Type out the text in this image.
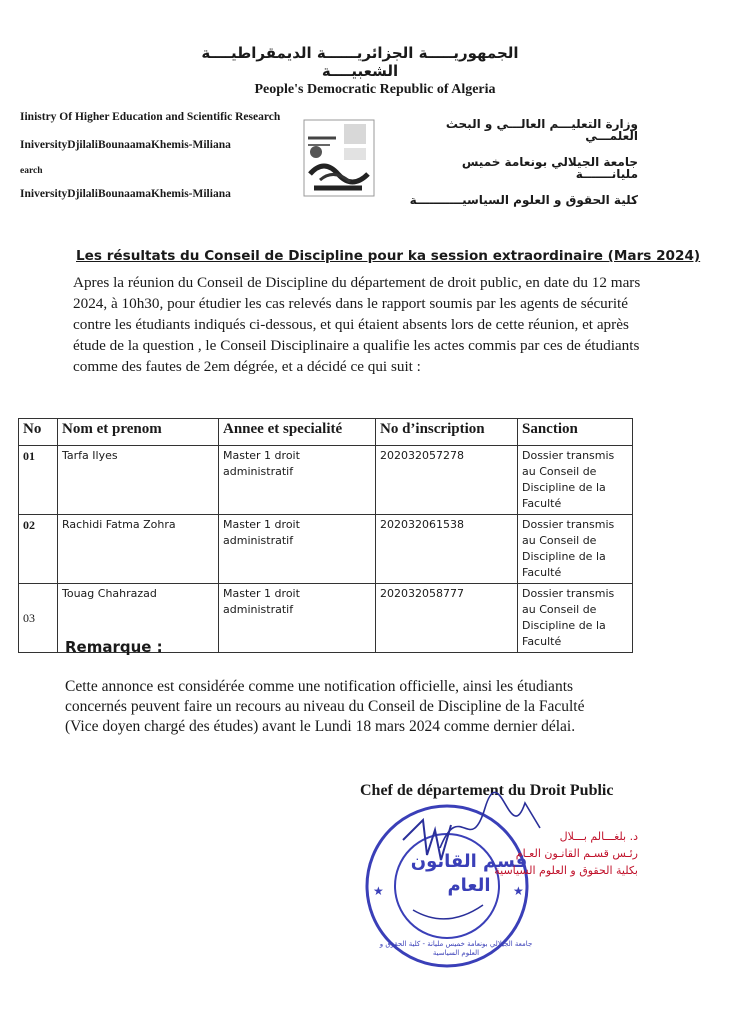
الجمهوريـــــة الجزائريــــــة الديمقراطيــــة الشعبيــــة
People's Democratic Republic of Algeria
Iinistry Of Higher Education and Scientific Research
IniversityDjilaliBounaamaKhemis-Miliana
earch
IniversityDjilaliBounaamaKhemis-Miliana
وزارة التعليـــم العالـــي و البحث العلمـــي
جامعة الجيلالي بونعامة خميس مليانـــــــة
كلية الحقوق و العلوم السياسيـــــــــــة
Les résultats du Conseil de Discipline pour ka session extraordinaire (Mars 2024)
Apres la réunion du Conseil de Discipline du département de droit public, en date du 12 mars 2024, à 10h30, pour étudier les cas relevés dans le rapport soumis par les agents de sécurité contre les étudiants indiqués ci-dessous, et qui étaient absents lors de cette réunion, et après étude de la question , le Conseil Disciplinaire a qualifie les actes commis par ces de étudiants comme des fautes de 2em dégrée, et a décidé ce qui suit :
No	Nom et prenom	Annee et specialité	No d’inscription	Sanction
01	Tarfa Ilyes	Master 1 droit administratif	202032057278	Dossier transmis au Conseil de Discipline de la Faculté
02	Rachidi Fatma Zohra	Master 1 droit administratif	202032061538	Dossier transmis au Conseil de Discipline de la Faculté
03	Touag Chahrazad	Master 1 droit administratif	202032058777	Dossier transmis au Conseil de Discipline de la Faculté
Remarque :
Cette annonce est considérée comme une notification officielle, ainsi les étudiants concernés peuvent faire un recours au niveau du Conseil de Discipline de la Faculté (Vice doyen chargé des études) avant le Lundi 18 mars 2024 comme dernier délai.
★	★
قسم القانون العام
جامعة الجيلالي بونعامة خميس مليانة - كلية الحقوق و العلوم السياسية
Chef de département du Droit Public
د. بلغـــالم بـــلال
رئـس قسـم القانـون العـام
بكلية الحقوق و العلوم السياسية
